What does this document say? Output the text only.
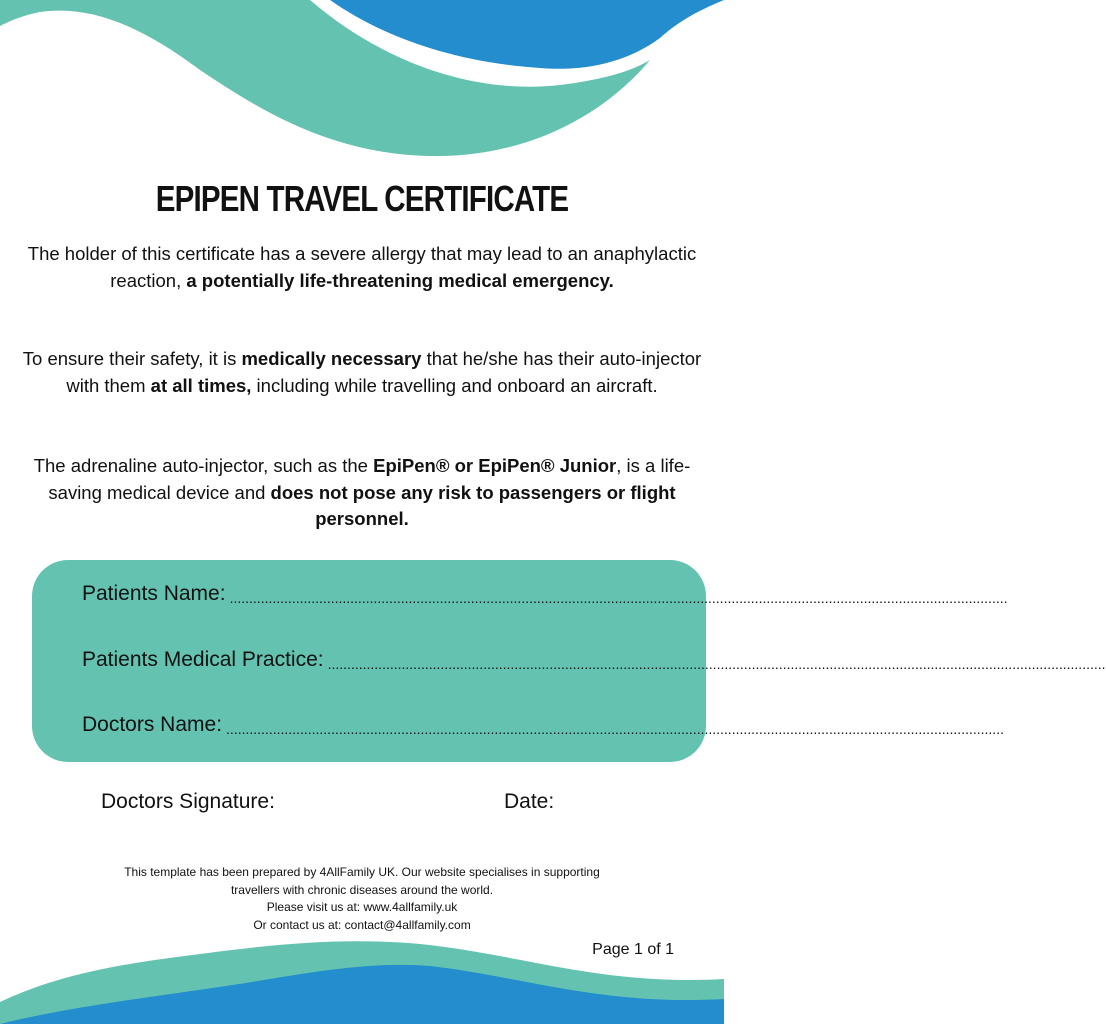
EPIPEN TRAVEL CERTIFICATE

The holder of this certificate has a severe allergy that may lead to an anaphylactic reaction, a potentially life-threatening medical emergency.

To ensure their safety, it is medically necessary that he/she has their auto-injector with them at all times, including while travelling and onboard an aircraft.

The adrenaline auto-injector, such as the EpiPen® or EpiPen® Junior, is a life-saving medical device and does not pose any risk to passengers or flight personnel.

Patients Name: ........................................................................................................................................................................................................
Patients Medical Practice: ........................................................................................................................................................................................................
Doctors Name: ........................................................................................................................................................................................................
Doctors Signature:	Date:
This template has been prepared by 4AllFamily UK. Our website specialises in supporting
travellers with chronic diseases around the world.
Please visit us at: www.4allfamily.uk
Or contact us at: contact@4allfamily.com
Page 1 of 1
